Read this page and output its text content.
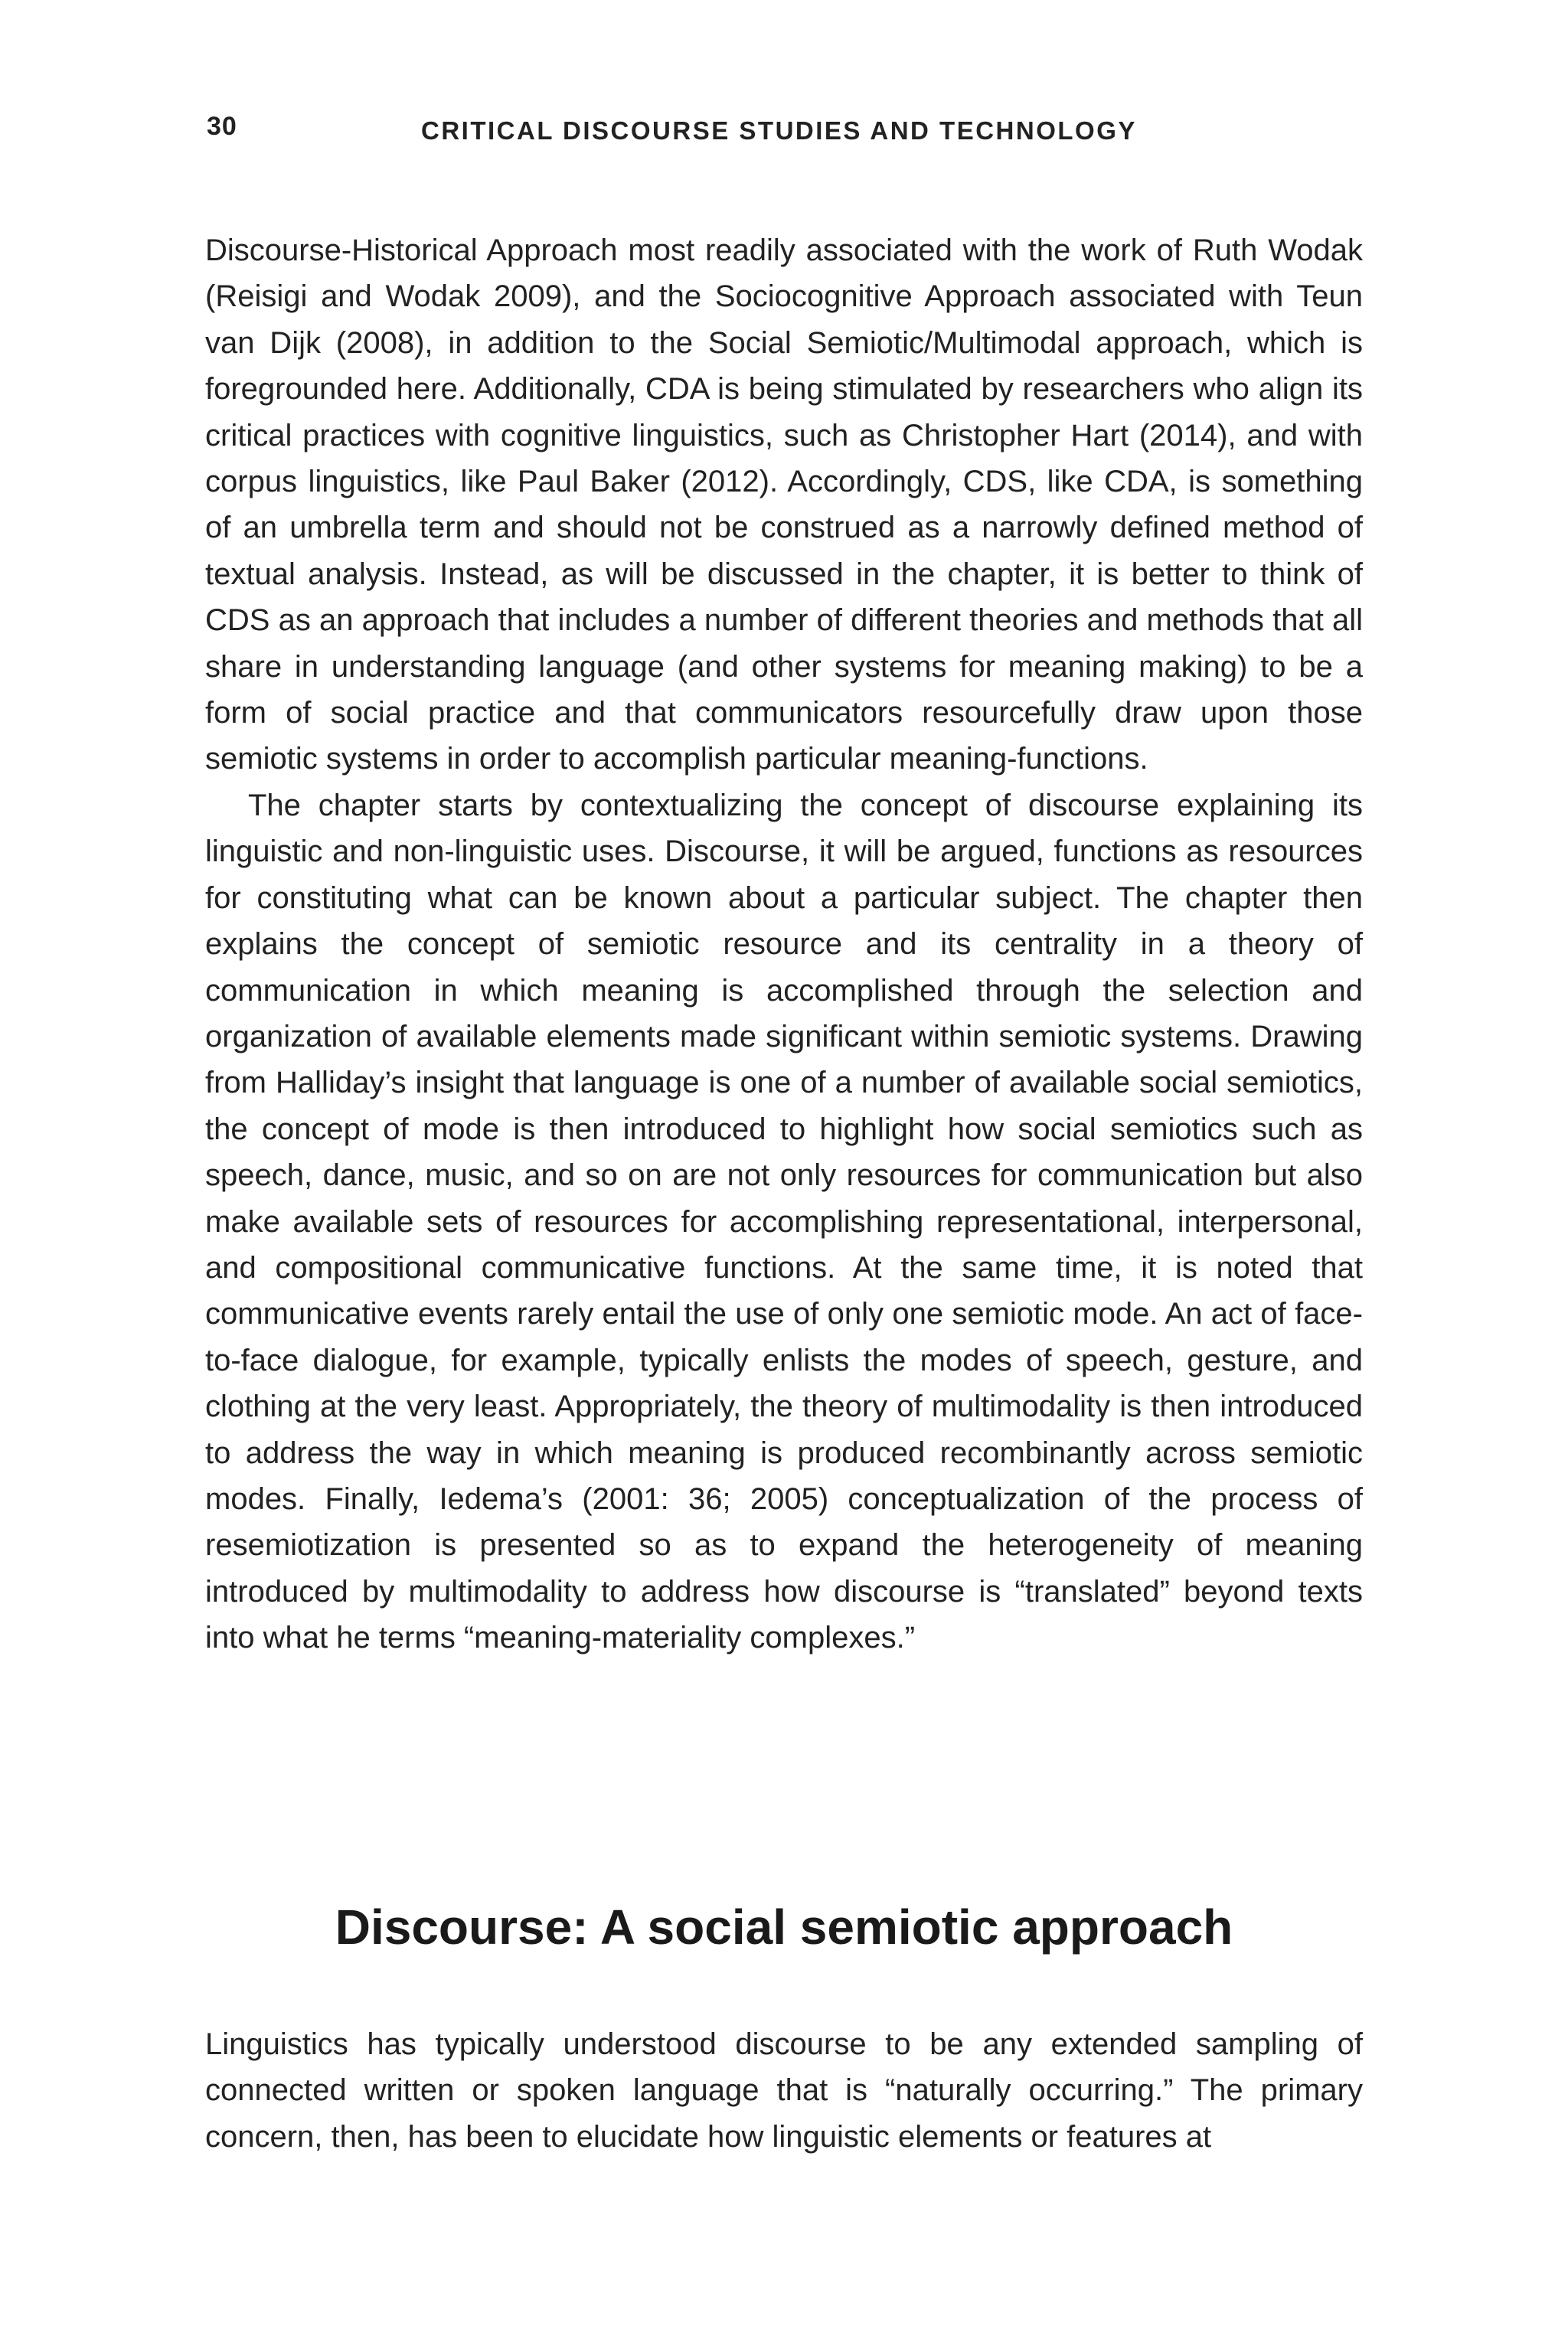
30	CRITICAL DISCOURSE STUDIES AND TECHNOLOGY

Discourse-Historical Approach most readily associated with the work of Ruth Wodak (Reisigi and Wodak 2009), and the Sociocognitive Approach associated with Teun van Dijk (2008), in addition to the Social Semiotic/Multimodal approach, which is foregrounded here. Additionally, CDA is being stimulated by researchers who align its critical practices with cognitive linguistics, such as Christopher Hart (2014), and with corpus linguistics, like Paul Baker (2012). Accordingly, CDS, like CDA, is something of an umbrella term and should not be construed as a narrowly defined method of textual analysis. Instead, as will be discussed in the chapter, it is better to think of CDS as an approach that includes a number of different theories and methods that all share in understanding language (and other systems for meaning making) to be a form of social practice and that communicators resourcefully draw upon those semiotic systems in order to accomplish particular meaning-functions.

The chapter starts by contextualizing the concept of discourse explaining its linguistic and non-linguistic uses. Discourse, it will be argued, functions as resources for constituting what can be known about a particular subject. The chapter then explains the concept of semiotic resource and its centrality in a theory of communication in which meaning is accomplished through the selection and organization of available elements made significant within semiotic systems. Drawing from Halliday’s insight that language is one of a number of available social semiotics, the concept of mode is then introduced to highlight how social semiotics such as speech, dance, music, and so on are not only resources for communication but also make available sets of resources for accomplishing representational, interpersonal, and compositional communicative functions. At the same time, it is noted that communicative events rarely entail the use of only one semiotic mode. An act of face-to-face dialogue, for example, typically enlists the modes of speech, gesture, and clothing at the very least. Appropriately, the theory of multimodality is then introduced to address the way in which meaning is produced recombinantly across semiotic modes. Finally, Iedema’s (2001: 36; 2005) conceptualization of the process of resemiotization is presented so as to expand the heterogeneity of meaning introduced by multimodality to address how discourse is “translated” beyond texts into what he terms “meaning-materiality complexes.”

Discourse: A social semiotic approach

Linguistics has typically understood discourse to be any extended sampling of connected written or spoken language that is “naturally occurring.” The primary concern, then, has been to elucidate how linguistic elements or features at
